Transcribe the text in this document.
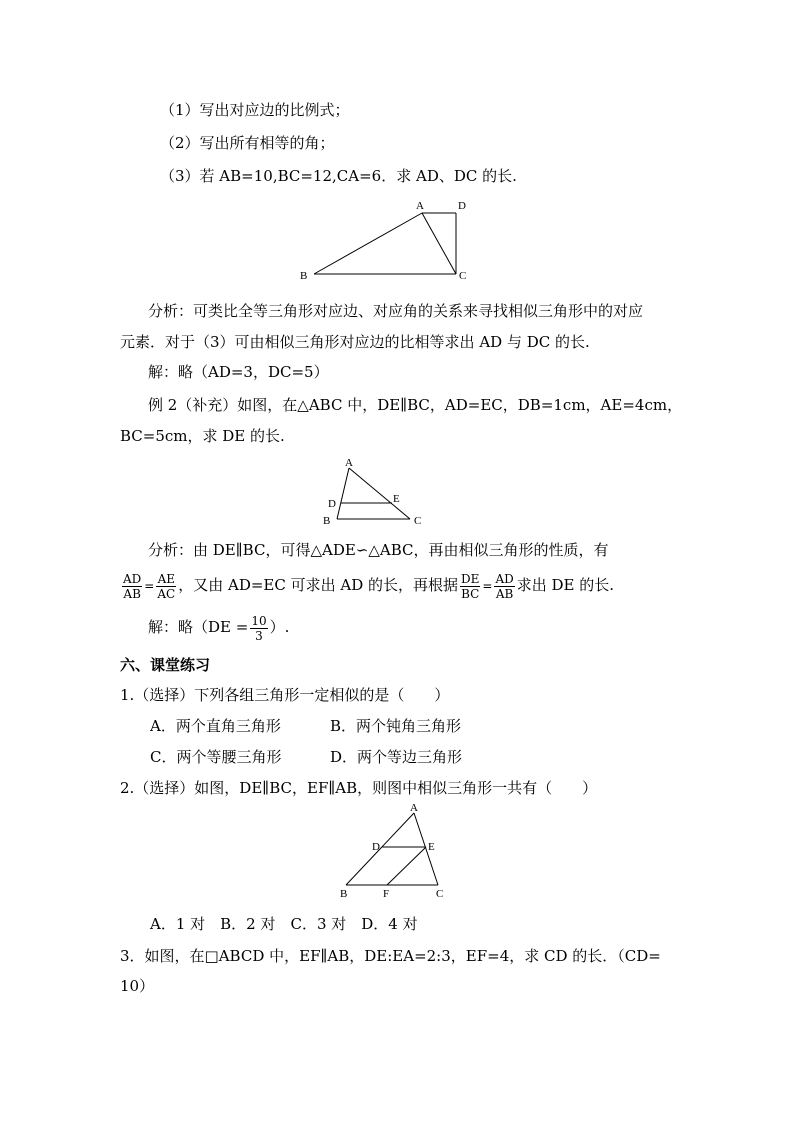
（1）写出对应边的比例式；
（2）写出所有相等的角；
（3）若 AB=10,BC=12,CA=6．求 AD、DC 的长.
A	D
B	C
分析：可类比全等三角形对应边、对应角的关系来寻找相似三角形中的对应
元素．对于（3）可由相似三角形对应边的比相等求出 AD 与 DC 的长.
解：略（AD=3，DC=5）
例 2（补充）如图，在△ABC 中，DE∥BC，AD=EC，DB=1cm，AE=4cm，
BC=5cm，求 DE 的长.
A
D	E
B	C
分析：由 DE∥BC，可得△ADE∽△ABC，再由相似三角形的性质，有
$\frac{AD}{AB} = \frac{AE}{AC}$ ，又由 AD=EC 可求出 AD 的长，再根据 $\frac{DE}{BC} = \frac{AD}{AB}$ 求出 DE 的长.
解：略（$DE = \frac{10}{3}$ ）.
六、课堂练习
1.（选择）下列各组三角形一定相似的是（　　）
A．两个直角三角形	B．两个钝角三角形
C．两个等腰三角形	D．两个等边三角形
2.（选择）如图，DE∥BC，EF∥AB，则图中相似三角形一共有（　　）
A
D	E
B	F	C
A．1 对　B．2 对　C．3 对　D．4 对
3．如图，在□ABCD 中，EF∥AB，DE:EA=2:3，EF=4，求 CD 的长．（CD=
10）
